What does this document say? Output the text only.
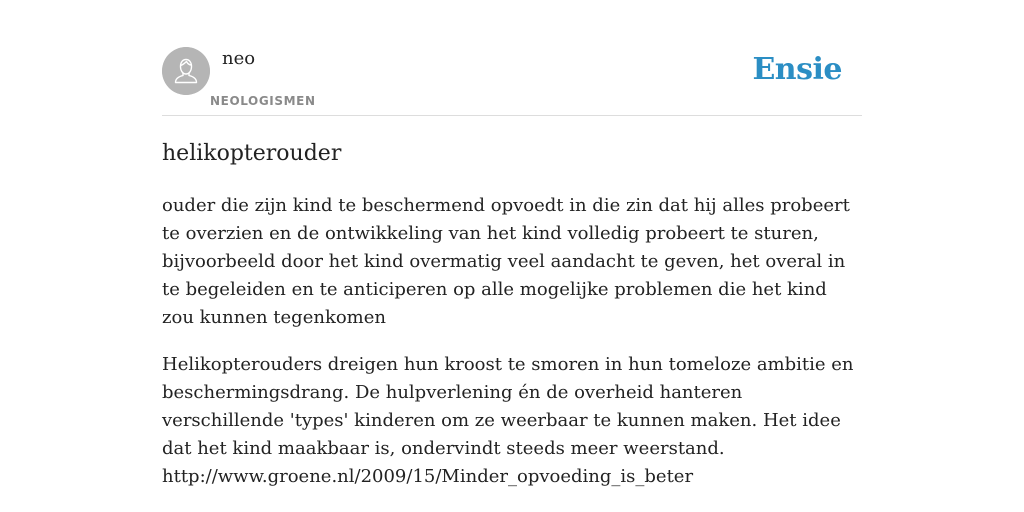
neo
NEOLOGISMEN
Ensie
helikopterouder

ouder die zijn kind te beschermend opvoedt in die zin dat hij alles probeert te overzien en de ontwikkeling van het kind volledig probeert te sturen, bijvoorbeeld door het kind overmatig veel aandacht te geven, het overal in te begeleiden en te anticiperen op alle mogelijke problemen die het kind zou kunnen tegenkomen

Helikopterouders dreigen hun kroost te smoren in hun tomeloze ambitie en beschermingsdrang. De hulpverlening én de overheid hanteren verschillende 'types' kinderen om ze weerbaar te kunnen maken. Het idee dat het kind maakbaar is, ondervindt steeds meer weerstand.
http://www.groene.nl/2009/15/Minder_opvoeding_is_beter
